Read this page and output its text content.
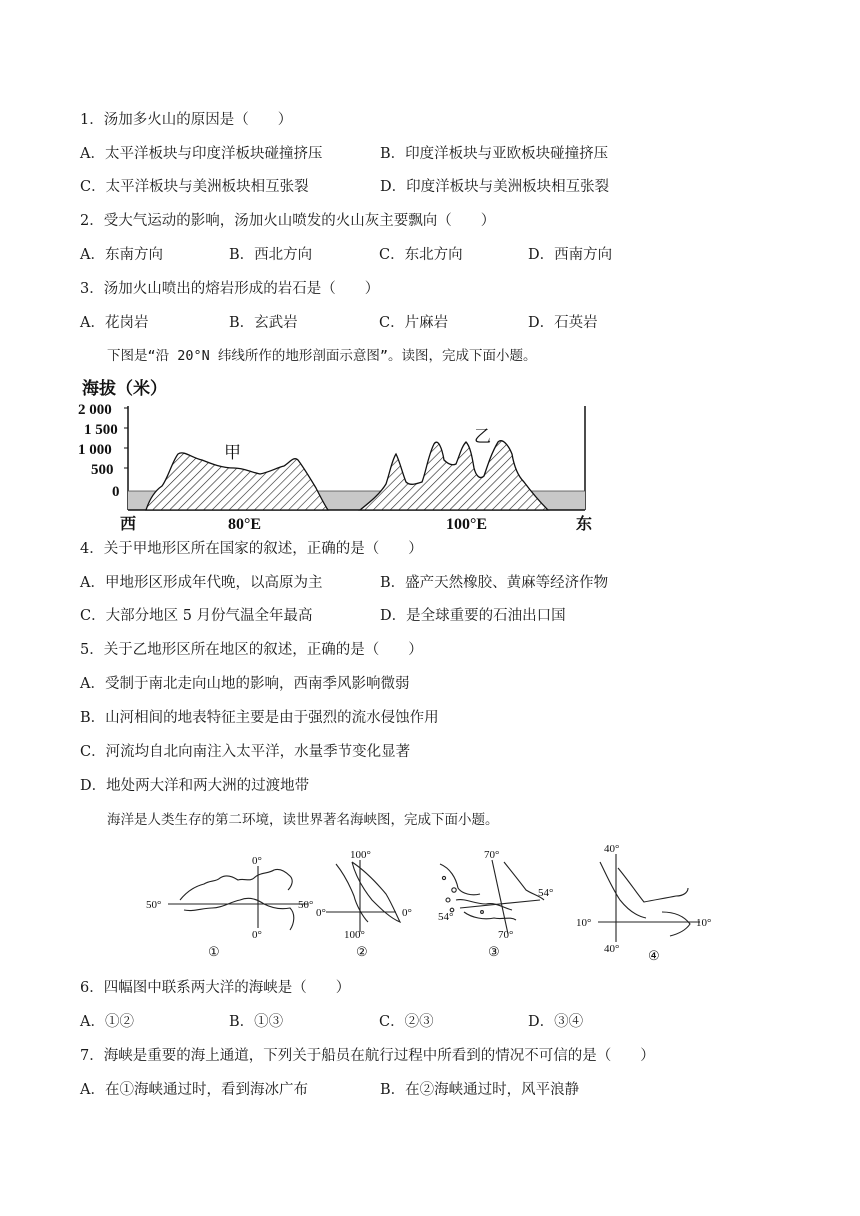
1．汤加多火山的原因是（　　）
A．太平洋板块与印度洋板块碰撞挤压	B．印度洋板块与亚欧板块碰撞挤压
C．太平洋板块与美洲板块相互张裂	D．印度洋板块与美洲板块相互张裂
2．受大气运动的影响，汤加火山喷发的火山灰主要飘向（　　）
A．东南方向	B．西北方向	C．东北方向	D．西南方向
3．汤加火山喷出的熔岩形成的岩石是（　　）
A．花岗岩	B．玄武岩	C．片麻岩	D．石英岩
下图是“沿 20°N 纬线所作的地形剖面示意图”。读图，完成下面小题。
海拔（米）
2 000
1 500
1 000
500
0
甲
乙
西	80°E	100°E	东
4．关于甲地形区所在国家的叙述，正确的是（　　）
A．甲地形区形成年代晚，以高原为主	B．盛产天然橡胶、黄麻等经济作物
C．大部分地区 5 月份气温全年最高	D．是全球重要的石油出口国
5．关于乙地形区所在地区的叙述，正确的是（　　）
A．受制于南北走向山地的影响，西南季风影响微弱
B．山河相间的地表特征主要是由于强烈的流水侵蚀作用
C．河流均自北向南注入太平洋，水量季节变化显著
D．地处两大洋和两大洲的过渡地带
海洋是人类生存的第二环境，读世界著名海峡图，完成下面小题。
0°
50°	50°
0°
①
100°
0°	0°
100°
②
70°
54°
54°
70°
③
40°
10°	10°
40° ④
6．四幅图中联系两大洋的海峡是（　　）
A．①②	B．①③	C．②③	D．③④
7．海峡是重要的海上通道，下列关于船员在航行过程中所看到的情况不可信的是（　　）
A．在①海峡通过时，看到海冰广布	B．在②海峡通过时，风平浪静
